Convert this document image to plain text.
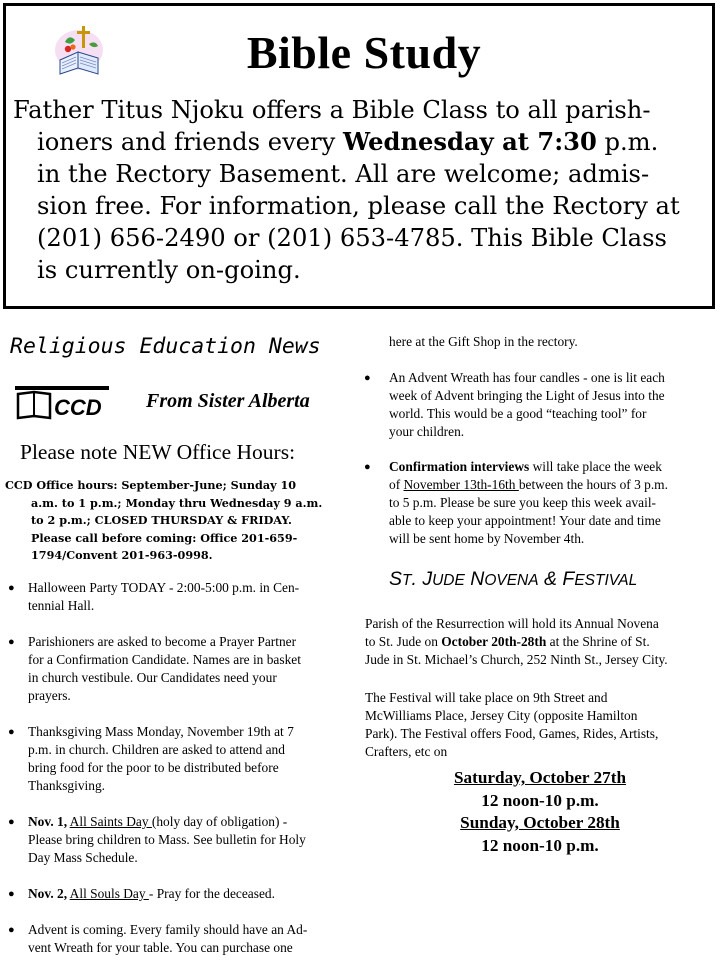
Bible Study
Father Titus Njoku offers a Bible Class to all parish-
ioners and friends every Wednesday at 7:30 p.m.
in the Rectory Basement. All are welcome; admis-
sion free. For information, please call the Rectory at
(201) 656-2490 or (201) 653-4785. This Bible Class
is currently on-going.
Religious Education News
CCD From Sister Alberta
Please note NEW Office Hours:
CCD Office hours: September-June; Sunday 10
a.m. to 1 p.m.; Monday thru Wednesday 9 a.m.
to 2 p.m.; CLOSED THURSDAY & FRIDAY.
Please call before coming: Office 201-659-
1794/Convent 201-963-0998.
● Halloween Party TODAY - 2:00-5:00 p.m. in Cen-
tennial Hall.
● Parishioners are asked to become a Prayer Partner
for a Confirmation Candidate. Names are in basket
in church vestibule. Our Candidates need your
prayers.
● Thanksgiving Mass Monday, November 19th at 7
p.m. in church. Children are asked to attend and
bring food for the poor to be distributed before
Thanksgiving.
● Nov. 1, All Saints Day (holy day of obligation) -
Please bring children to Mass. See bulletin for Holy
Day Mass Schedule.
● Nov. 2, All Souls Day - Pray for the deceased.
● Advent is coming. Every family should have an Ad-
vent Wreath for your table. You can purchase one
here at the Gift Shop in the rectory.
● An Advent Wreath has four candles - one is lit each
week of Advent bringing the Light of Jesus into the
world. This would be a good “teaching tool” for
your children.
● Confirmation interviews will take place the week
of November 13th-16th between the hours of 3 p.m.
to 5 p.m. Please be sure you keep this week avail-
able to keep your appointment! Your date and time
will be sent home by November 4th.
ST. JUDE NOVENA & FESTIVAL
Parish of the Resurrection will hold its Annual Novena
to St. Jude on October 20th-28th at the Shrine of St.
Jude in St. Michael’s Church, 252 Ninth St., Jersey City.
The Festival will take place on 9th Street and
McWilliams Place, Jersey City (opposite Hamilton
Park). The Festival offers Food, Games, Rides, Artists,
Crafters, etc on
Saturday, October 27th
12 noon-10 p.m.
Sunday, October 28th
12 noon-10 p.m.
